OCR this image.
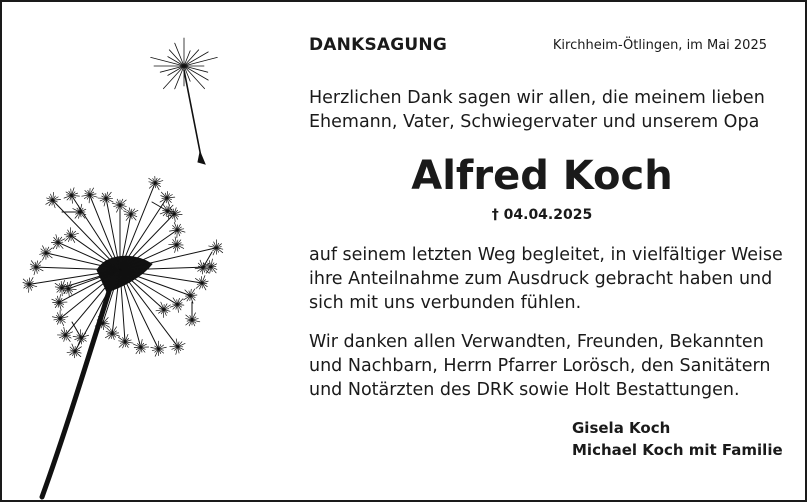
DANKSAGUNG	Kirchheim-Ötlingen, im Mai 2025
Herzlichen Dank sagen wir allen, die meinem lieben
Ehemann, Vater, Schwiegervater und unserem Opa
Alfred Koch
† 04.04.2025
auf seinem letzten Weg begleitet, in vielfältiger Weise
ihre Anteilnahme zum Ausdruck gebracht haben und
sich mit uns verbunden fühlen.
Wir danken allen Verwandten, Freunden, Bekannten
und Nachbarn, Herrn Pfarrer Lorösch, den Sanitätern
und Notärzten des DRK sowie Holt Bestattungen.
Gisela Koch
Michael Koch mit Familie
